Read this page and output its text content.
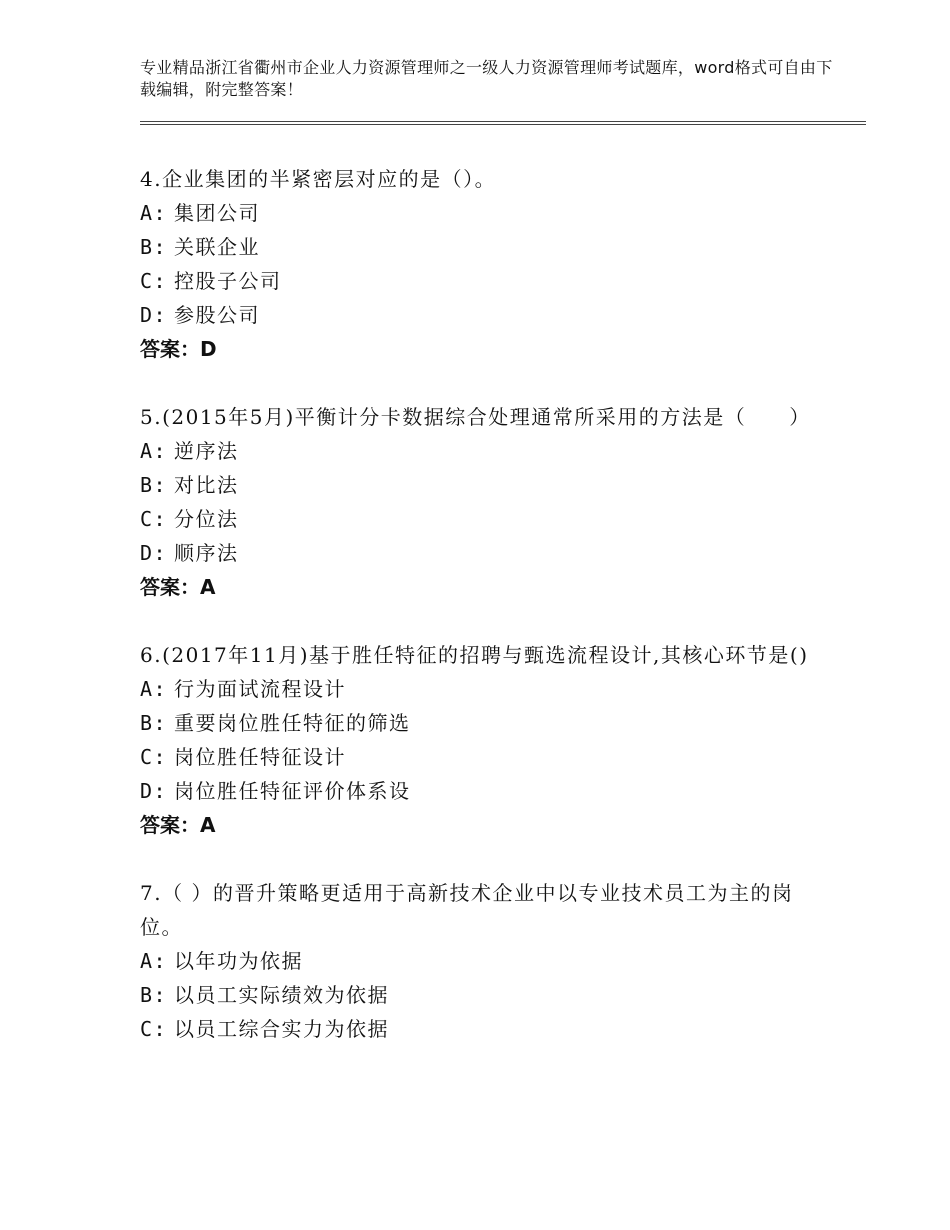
专业精品浙江省衢州市企业人力资源管理师之一级人力资源管理师考试题库，word格式可自由下载编辑，附完整答案！
4.企业集团的半紧密层对应的是（）。
A: 集团公司
B: 关联企业
C: 控股子公司
D: 参股公司
答案：D
5.(2015年5月)平衡计分卡数据综合处理通常所采用的方法是（　　）
A: 逆序法
B: 对比法
C: 分位法
D: 顺序法
答案：A
6.(2017年11月)基于胜任特征的招聘与甄选流程设计,其核心环节是()
A: 行为面试流程设计
B: 重要岗位胜任特征的筛选
C: 岗位胜任特征设计
D: 岗位胜任特征评价体系设
答案：A
7.（ ）的晋升策略更适用于高新技术企业中以专业技术员工为主的岗位。
A: 以年功为依据
B: 以员工实际绩效为依据
C: 以员工综合实力为依据
